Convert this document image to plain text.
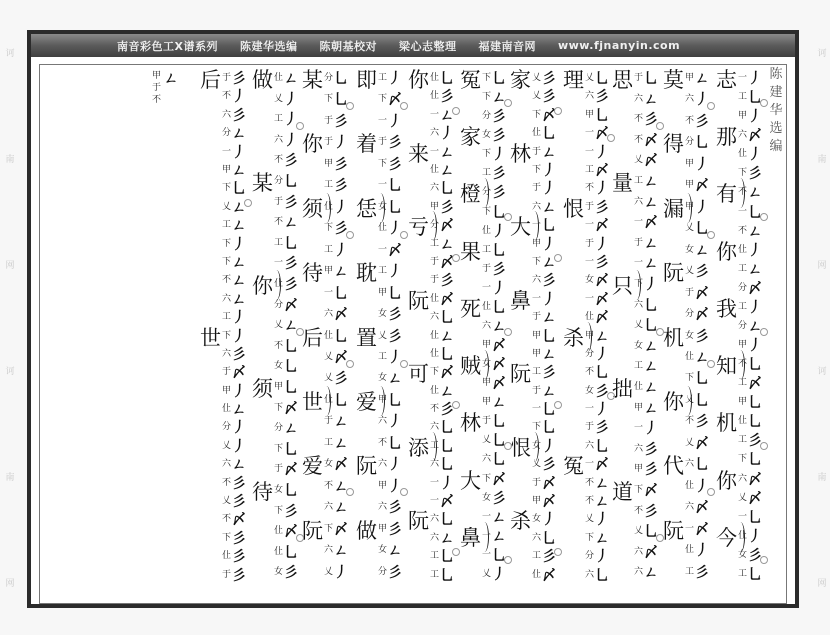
诃
南
网
诃
南
网
诃
南
网
诃
南
网
南音彩色工X谱系列 陈建华选编 陈朝基校对 梁心志整理 福建南音网 www.fjnanyin.com
陈
建
华
选
编
志 一 丿
工 乚
甲 丿
那 六 〆
仩 丿
下 彡
有 不 ㄥ
一 乚
不 ㄥ
你 仩 丿
工 ㄥ
分 〆
我 工 丿
分 ㄥ
甲 丿
知 不 乚
工 〆
甲 乚
机 仩 乚
工 彡
下 乚
你 六 〆
乂 〆
一 乚
今 仩 丿
女 彡
工 乚
莫 甲 ㄥ
六 丿
不 彡
得 分 乚
甲 丿
甲 〆
漏 甲 丿
乂 乚
女 ㄥ
阮 乂 彡
于 〆
分 〆
机 女 彡
仩 ㄥ
下 乚
你 乂 乚
不 彡
乂 〆
代 六 乚
仩 丿
六 〆
阮 一 〆
仩 丿
工 彡
思 于 乚
六 ㄥ
不 彡
不 〆
乂 〆
量 工 ㄥ
六 ㄥ
一 〆
于 ㄥ
一 ㄥ
只 下 丿
六 乚
乂 乚
女 ㄥ
工 ㄥ
拙 仩 ㄥ
甲 ㄥ
一 丿
六 彡
甲 彡
道 下 〆
不 彡
乂 乚
六 〆
六 ㄥ
理 乂 乚
六 彡
甲 乚
一 〆
一 丿
工 〆
不 丿
恨 于 彡
一 〆
于 丿
一 彡
女 〆
一 〆
仩 〆
杀 甲 ㄥ
分 丿
不 乚
女 彡
一 丿
于 彡
六 乚
冤 一 〆
不 ㄥ
不 ㄥ
乂 丿
下 ㄥ
分 丿
六 乚
家 乂 彡
乂 彡
下 〆
仩 乚
林 于 ㄥ
下 丿
于 丿
六 ㄥ
大 一 乚
甲 丿
下 ㄥ
六 彡
鼻 一 丿
于 ㄥ
甲 乚
甲 ㄥ
阮 工 彡
于 ㄥ
一 乚
下 乚
恨 女 丿
乂 彡
于 〆
甲 〆
杀 女 丿
六 乚
工 彡
仩 〆
冤 下 乚
下 ㄥ
分 彡
家 女 彡
下 丿
工 彡
橙 分 彡
下 乚
仩 丿
果 工 乚
于 彡
一 丿
死 仩 乚
六 ㄥ
甲 〆
贼 女 〆
甲 〆
甲 ㄥ
林 于 乚
乂 乚
六 乚
大 下 〆
女 彡
一 ㄥ
鼻 一 ㄥ
一 乚
乂 丿
你 仩 乚
仩 彡
一 ㄥ
六 丿
来 一 ㄥ
仩 ㄥ
六 乚
甲 彡
亏 分 〆
工 ㄥ
于 〆
于 彡
阮 仩 〆
六 乚
仩 ㄥ
仩 乚
可 下 〆
仩 ㄥ
不 彡
六 乚
添 工 乚
六 乚
一 丿
一 〆
阮 六 乚
六 ㄥ
工 乚
工 乚
即 工 丿
下 〆
一 丿
着 于 彡
下 彡
一 乚
恁 女 乚
仩 丿
一 〆
耽 工 丿
甲 乚
女 彡
置 乂 彡
工 丿
女 ㄥ
爱 甲 乚
六 丿
不 乚
阮 六 丿
甲 丿
六 彡
做 甲 彡
女 ㄥ
分 彡
某 分 乚
下 乚
于 彡
你 于 丿
甲 彡
工 彡
须 仩 丿
下 彡
工 丿
待 甲 ㄥ
一 乚
六 〆
后 仩 乚
乂 〆
乂 彡
世 仩 乚
于 ㄥ
工 ㄥ
爱 女 〆
不 ㄥ
六 ㄥ
阮 下 〆
六 ㄥ
乂 丿
做 仩 ㄥ
乂 丿
工 丿
六 丿
不 彡
某 分 乚
于 彡
不 ㄥ
工 乚
一 彡
你 仩 彡
分 〆
乂 ㄥ
不 乚
女 乚
须 甲 乚
下 〆
分 ㄥ
下 乚
于 〆
待 女 乚
下 彡
仩 〆
仩 乚
女 彡
后 于 彡
不 丿
六 彡
分 ㄥ
一 丿
甲 ㄥ
下 乚
乂 ㄥ
工 ㄥ
下 丿
下 ㄥ
不 ㄥ
六 ㄥ
工 丿
世 下 丿
六 彡
于 〆
甲 丿
仩 ㄥ
分 丿
乂 丿
六 ㄥ
不 彡
乂 彡
不 〆
下 彡
仩 彡
于 彡
甲
于
不
ㄥ
